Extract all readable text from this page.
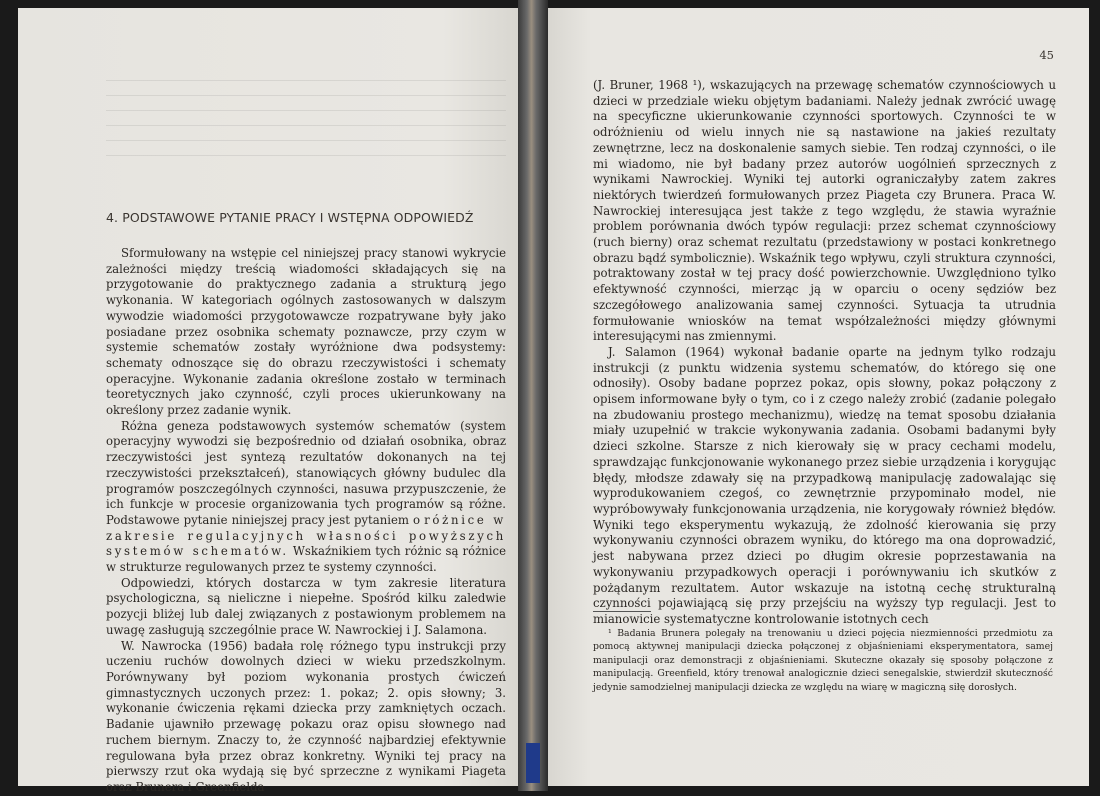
4. PODSTAWOWE PYTANIE PRACY I WSTĘPNA ODPOWIEDŹ

Sformułowany na wstępie cel niniejszej pracy stanowi wykrycie zależności między treścią wiadomości składających się na przygotowanie do praktycznego zadania a strukturą jego wykonania. W kategoriach ogólnych zastosowanych w dalszym wywodzie wiadomości przygotowawcze rozpatrywane były jako posiadane przez osobnika schematy poznawcze, przy czym w systemie schematów zostały wyróżnione dwa podsystemy: schematy odnoszące się do obrazu rzeczywistości i schematy operacyjne. Wykonanie zadania określone zostało w terminach teoretycznych jako czynność, czyli proces ukierunkowany na określony przez zadanie wynik.

Różna geneza podstawowych systemów schematów (system operacyjny wywodzi się bezpośrednio od działań osobnika, obraz rzeczywistości jest syntezą rezultatów dokonanych na tej rzeczywistości przekształceń), stanowiących główny budulec dla programów poszczególnych czynności, nasuwa przypuszczenie, że ich funkcje w procesie organizowania tych programów są różne. Podstawowe pytanie niniejszej pracy jest pytaniem o różnice w zakresie regulacyjnych własności powyższych systemów schematów. Wskaźnikiem tych różnic są różnice w strukturze regulowanych przez te systemy czynności.

Odpowiedzi, których dostarcza w tym zakresie literatura psychologiczna, są nieliczne i niepełne. Spośród kilku zaledwie pozycji bliżej lub dalej związanych z postawionym problemem na uwagę zasługują szczególnie prace W. Nawrockiej i J. Salamona.

W. Nawrocka (1956) badała rolę różnego typu instrukcji przy uczeniu ruchów dowolnych dzieci w wieku przedszkolnym. Porównywany był poziom wykonania prostych ćwiczeń gimnastycznych uczonych przez: 1. pokaz; 2. opis słowny; 3. wykonanie ćwiczenia rękami dziecka przy zamkniętych oczach. Badanie ujawniło przewagę pokazu oraz opisu słownego nad ruchem biernym. Znaczy to, że czynność najbardziej efektywnie regulowana była przez obraz konkretny. Wyniki tej pracy na pierwszy rzut oka wydają się być sprzeczne z wynikami Piageta oraz Brunera i Greenfielda

45

(J. Bruner, 1968 ¹), wskazujących na przewagę schematów czynnościowych u dzieci w przedziale wieku objętym badaniami. Należy jednak zwrócić uwagę na specyficzne ukierunkowanie czynności sportowych. Czynności te w odróżnieniu od wielu innych nie są nastawione na jakieś rezultaty zewnętrzne, lecz na doskonalenie samych siebie. Ten rodzaj czynności, o ile mi wiadomo, nie był badany przez autorów uogólnień sprzecznych z wynikami Nawrockiej. Wyniki tej autorki ograniczałyby zatem zakres niektórych twierdzeń formułowanych przez Piageta czy Brunera. Praca W. Nawrockiej interesująca jest także z tego względu, że stawia wyraźnie problem porównania dwóch typów regulacji: przez schemat czynnościowy (ruch bierny) oraz schemat rezultatu (przedstawiony w postaci konkretnego obrazu bądź symbolicznie). Wskaźnik tego wpływu, czyli struktura czynności, potraktowany został w tej pracy dość powierzchownie. Uwzględniono tylko efektywność czynności, mierząc ją w oparciu o oceny sędziów bez szczegółowego analizowania samej czynności. Sytuacja ta utrudnia formułowanie wniosków na temat współzależności między głównymi interesującymi nas zmiennymi.

J. Salamon (1964) wykonał badanie oparte na jednym tylko rodzaju instrukcji (z punktu widzenia systemu schematów, do którego się one odnosiły). Osoby badane poprzez pokaz, opis słowny, pokaz połączony z opisem informowane były o tym, co i z czego należy zrobić (zadanie polegało na zbudowaniu prostego mechanizmu), wiedzę na temat sposobu działania miały uzupełnić w trakcie wykonywania zadania. Osobami badanymi były dzieci szkolne. Starsze z nich kierowały się w pracy cechami modelu, sprawdzając funkcjonowanie wykonanego przez siebie urządzenia i korygując błędy, młodsze zdawały się na przypadkową manipulację zadowalając się wyprodukowaniem czegoś, co zewnętrznie przypominało model, nie wypróbowywały funkcjonowania urządzenia, nie korygowały również błędów. Wyniki tego eksperymentu wykazują, że zdolność kierowania się przy wykonywaniu czynności obrazem wyniku, do którego ma ona doprowadzić, jest nabywana przez dzieci po długim okresie poprzestawania na wykonywaniu przypadkowych operacji i porównywaniu ich skutków z pożądanym rezultatem. Autor wskazuje na istotną cechę strukturalną czynności pojawiającą się przy przejściu na wyższy typ regulacji. Jest to mianowicie systematyczne kontrolowanie istotnych cech

¹ Badania Brunera polegały na trenowaniu u dzieci pojęcia niezmienności przedmiotu za pomocą aktywnej manipulacji dziecka połączonej z objaśnieniami eksperymentatora, samej manipulacji oraz demonstracji z objaśnieniami. Skuteczne okazały się sposoby połączone z manipulacją. Greenfield, który trenował analogicznie dzieci senegalskie, stwierdził skuteczność jedynie samodzielnej manipulacji dziecka ze względu na wiarę w magiczną siłę dorosłych.
